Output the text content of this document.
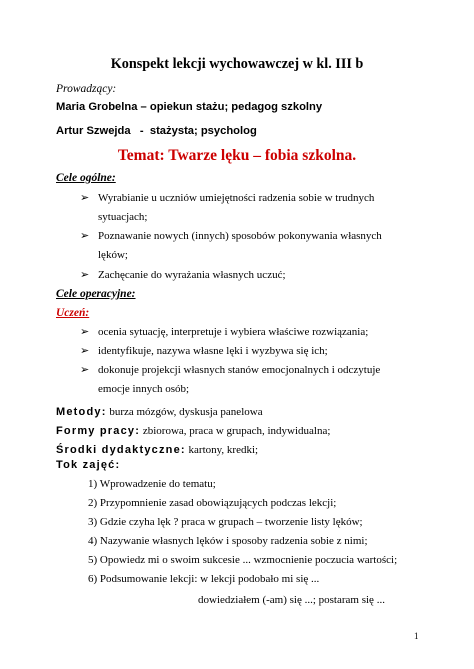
Konspekt lekcji wychowawczej w kl. III b
Prowadzący:
Maria Grobelna – opiekun stażu; pedagog szkolny
Artur Szwejda   -  stażysta; psycholog
Temat: Twarze lęku – fobia szkolna.
Cele ogólne:
➢ Wyrabianie u uczniów umiejętności radzenia sobie w trudnych
sytuacjach;
➢ Poznawanie nowych (innych) sposobów pokonywania własnych
lęków;
➢ Zachęcanie do wyrażania własnych uczuć;
Cele operacyjne:
Uczeń:
➢ ocenia sytuację, interpretuje i wybiera właściwe rozwiązania;
➢ identyfikuje, nazywa własne lęki i wyzbywa się ich;
➢ dokonuje projekcji własnych stanów emocjonalnych i odczytuje
emocje innych osób;
Metody: burza mózgów, dyskusja panelowa
Formy pracy: zbiorowa, praca w grupach, indywidualna;
Środki dydaktyczne: kartony, kredki;
Tok zajęć:
1) Wprowadzenie do tematu;
2) Przypomnienie zasad obowiązujących podczas lekcji;
3) Gdzie czyha lęk ? praca w grupach – tworzenie listy lęków;
4) Nazywanie własnych lęków i sposoby radzenia sobie z nimi;
5) Opowiedz mi o swoim sukcesie ... wzmocnienie poczucia wartości;
6) Podsumowanie lekcji: w lekcji podobało mi się ...
dowiedziałem (-am) się ...; postaram się ...
1
